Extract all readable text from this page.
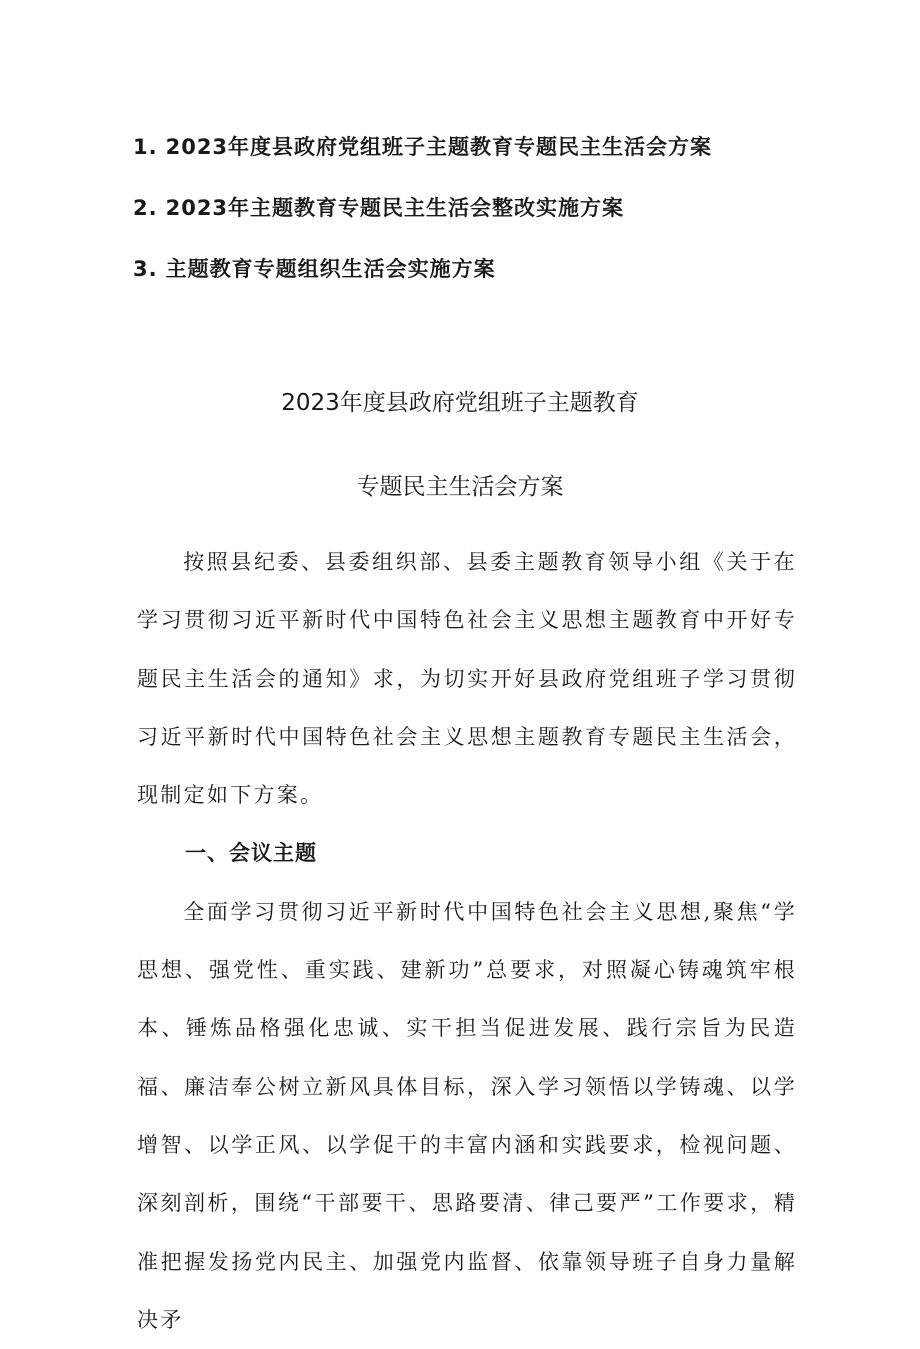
1. 2023年度县政府党组班子主题教育专题民主生活会方案
2. 2023年主题教育专题民主生活会整改实施方案
3. 主题教育专题组织生活会实施方案
2023年度县政府党组班子主题教育
专题民主生活会方案

按照县纪委、县委组织部、县委主题教育领导小组《关于在学习贯彻习近平新时代中国特色社会主义思想主题教育中开好专题民主生活会的通知》求，为切实开好县政府党组班子学习贯彻习近平新时代中国特色社会主义思想主题教育专题民主生活会，现制定如下方案。

一、会议主题

全面学习贯彻习近平新时代中国特色社会主义思想,聚焦“学思想、强党性、重实践、建新功”总要求，对照凝心铸魂筑牢根本、锤炼品格强化忠诚、实干担当促进发展、践行宗旨为民造福、廉洁奉公树立新风具体目标，深入学习领悟以学铸魂、以学增智、以学正风、以学促干的丰富内涵和实践要求，检视问题、深刻剖析，围绕“干部要干、思路要清、律己要严”工作要求，精准把握发扬党内民主、加强党内监督、依靠领导班子自身力量解决矛
